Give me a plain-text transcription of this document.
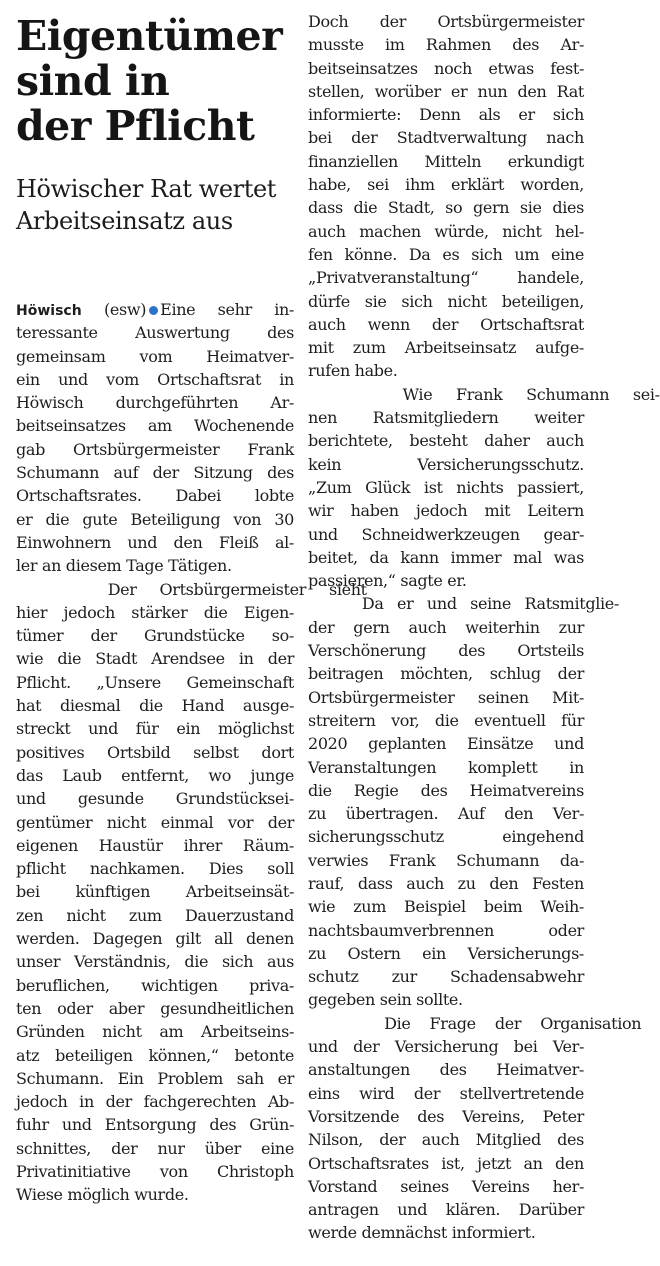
Eigentümer
sind in
der Pflicht
Höwischer Rat wertet
Arbeitseinsatz aus
Höwisch (esw) Eine sehr in-
teressante Auswertung des
gemeinsam vom Heimatver-
ein und vom Ortschaftsrat in
Höwisch durchgeführten Ar-
beitseinsatzes am Wochenende
gab Ortsbürgermeister Frank
Schumann auf der Sitzung des
Ortschaftsrates. Dabei lobte
er die gute Beteiligung von 30
Einwohnern und den Fleiß al-
ler an diesem Tage Tätigen.
Der Ortsbürgermeister sieht
hier jedoch stärker die Eigen-
tümer der Grundstücke so-
wie die Stadt Arendsee in der
Pflicht. „Unsere Gemeinschaft
hat diesmal die Hand ausge-
streckt und für ein möglichst
positives Ortsbild selbst dort
das Laub entfernt, wo junge
und gesunde Grundstücksei-
gentümer nicht einmal vor der
eigenen Haustür ihrer Räum-
pflicht nachkamen. Dies soll
bei künftigen Arbeitseinsät-
zen nicht zum Dauerzustand
werden. Dagegen gilt all denen
unser Verständnis, die sich aus
beruflichen, wichtigen priva-
ten oder aber gesundheitlichen
Gründen nicht am Arbeitseins-
atz beteiligen können,“ betonte
Schumann. Ein Problem sah er
jedoch in der fachgerechten Ab-
fuhr und Entsorgung des Grün-
schnittes, der nur über eine
Privatinitiative von Christoph
Wiese möglich wurde.
Doch der Ortsbürgermeister
musste im Rahmen des Ar-
beitseinsatzes noch etwas fest-
stellen, worüber er nun den Rat
informierte: Denn als er sich
bei der Stadtverwaltung nach
finanziellen Mitteln erkundigt
habe, sei ihm erklärt worden,
dass die Stadt, so gern sie dies
auch machen würde, nicht hel-
fen könne. Da es sich um eine
„Privatveranstaltung“ handele,
dürfe sie sich nicht beteiligen,
auch wenn der Ortschaftsrat
mit zum Arbeitseinsatz aufge-
rufen habe.
Wie Frank Schumann sei-
nen Ratsmitgliedern weiter
berichtete, besteht daher auch
kein Versicherungsschutz.
„Zum Glück ist nichts passiert,
wir haben jedoch mit Leitern
und Schneidwerkzeugen gear-
beitet, da kann immer mal was
passieren,“ sagte er.
Da er und seine Ratsmitglie-
der gern auch weiterhin zur
Verschönerung des Ortsteils
beitragen möchten, schlug der
Ortsbürgermeister seinen Mit-
streitern vor, die eventuell für
2020 geplanten Einsätze und
Veranstaltungen komplett in
die Regie des Heimatvereins
zu übertragen. Auf den Ver-
sicherungsschutz eingehend
verwies Frank Schumann da-
rauf, dass auch zu den Festen
wie zum Beispiel beim Weih-
nachtsbaumverbrennen oder
zu Ostern ein Versicherungs-
schutz zur Schadensabwehr
gegeben sein sollte.
Die Frage der Organisation
und der Versicherung bei Ver-
anstaltungen des Heimatver-
eins wird der stellvertretende
Vorsitzende des Vereins, Peter
Nilson, der auch Mitglied des
Ortschaftsrates ist, jetzt an den
Vorstand seines Vereins her-
antragen und klären. Darüber
werde demnächst informiert.
